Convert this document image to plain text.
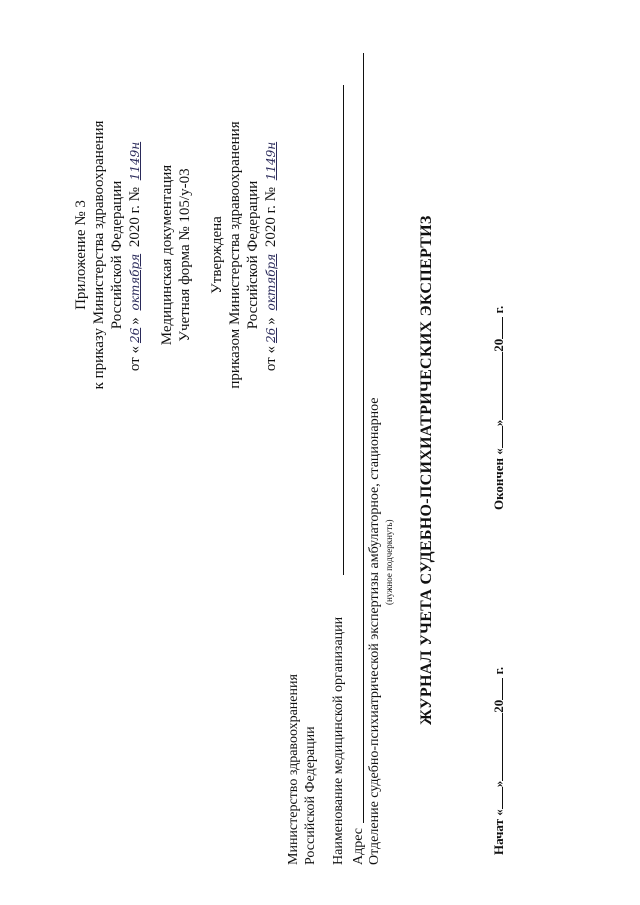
Приложение № 3 к приказу Министерства здравоохранения Российской Федерации
от «26» октября 2020 г. № 1149н
Медицинская документация Учетная форма № 105/у-03 Утверждена приказом Министерства здравоохранения Российской Федерации
от «26» октября 2020 г. № 1149н
Министерство здравоохранения Российской Федерации Наименование медицинской организации Адрес Отделение судебно-психиатрической экспертизы амбулаторное, стационарное (нужное подчеркнуть) ЖУРНАЛ УЧЕТА СУДЕБНО-ПСИХИАТРИЧЕСКИХ ЭКСПЕРТИЗ
Начат «»20 г.
Окончен «»20 г.
